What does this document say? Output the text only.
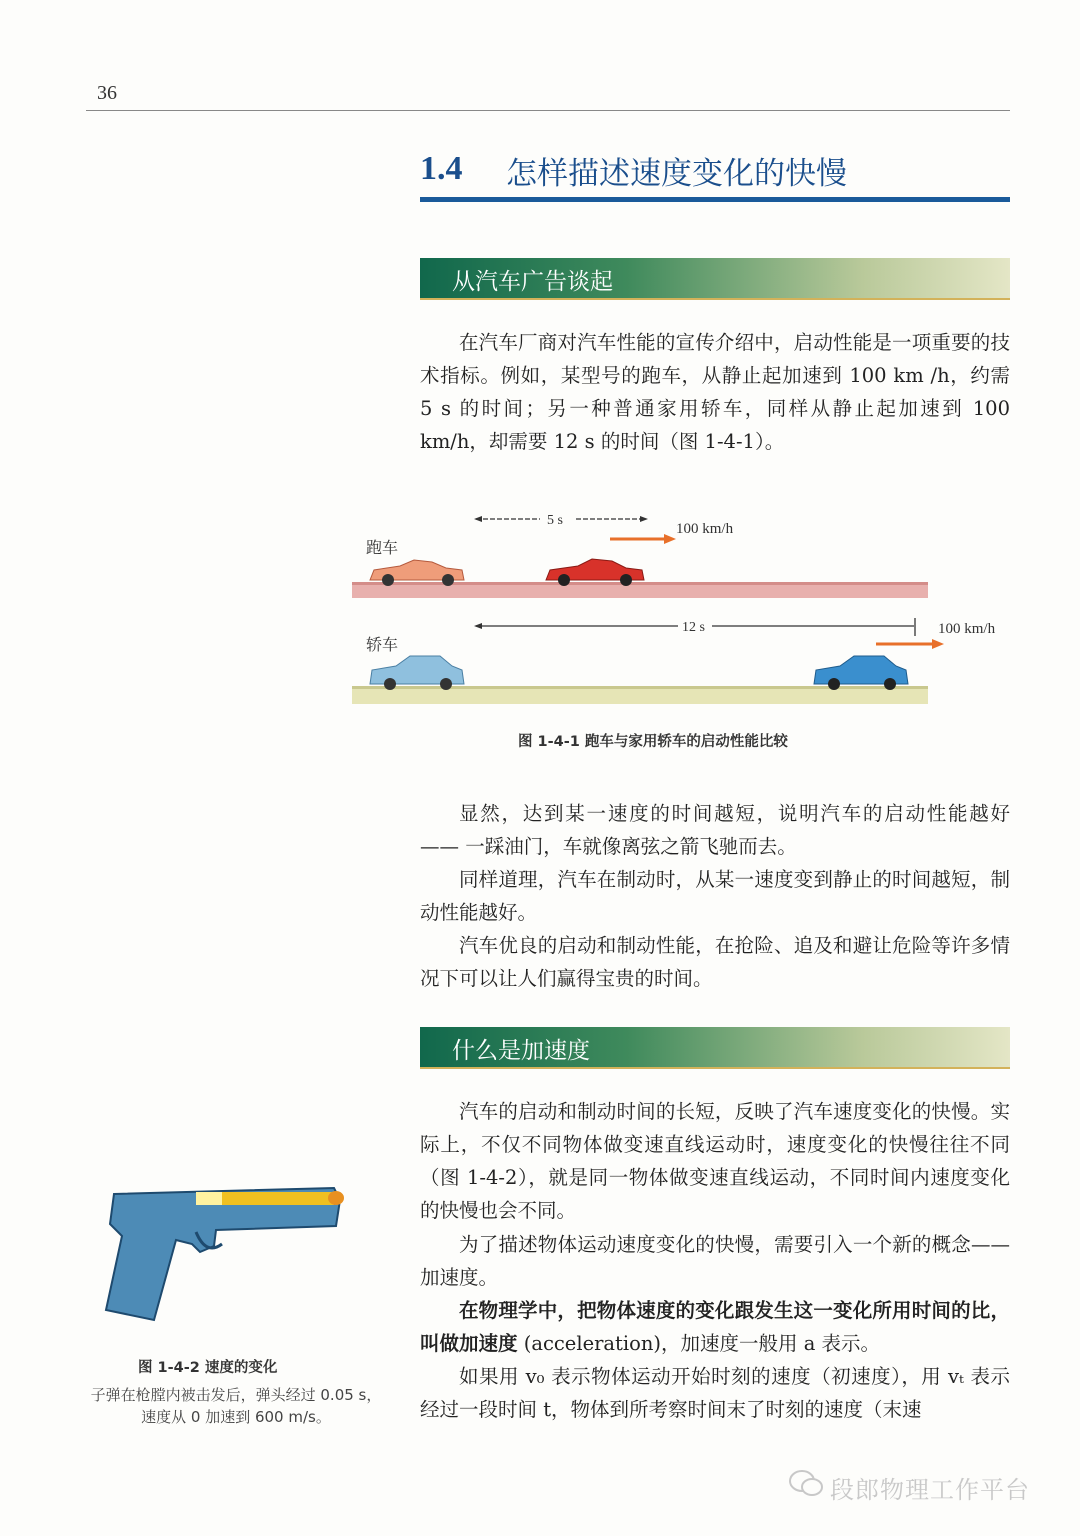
36
1.4 怎样描述速度变化的快慢
从汽车广告谈起

在汽车厂商对汽车性能的宣传介绍中，启动性能是一项重要的技术指标。例如，某型号的跑车，从静止起加速到 100 km /h，约需 5 s 的时间；另一种普通家用轿车，同样从静止起加速到 100 km/h，却需要 12 s 的时间（图 1-4-1）。

跑车
轿车
5 s
100 km/h
12 s	100 km/h
图 1-4-1 跑车与家用轿车的启动性能比较

显然，达到某一速度的时间越短，说明汽车的启动性能越好 —— 一踩油门，车就像离弦之箭飞驰而去。

同样道理，汽车在制动时，从某一速度变到静止的时间越短，制动性能越好。

汽车优良的启动和制动性能，在抢险、追及和避让危险等许多情况下可以让人们赢得宝贵的时间。

什么是加速度

汽车的启动和制动时间的长短，反映了汽车速度变化的快慢。实际上，不仅不同物体做变速直线运动时，速度变化的快慢往往不同（图 1-4-2），就是同一物体做变速直线运动，不同时间内速度变化的快慢也会不同。

为了描述物体运动速度变化的快慢，需要引入一个新的概念——加速度。

在物理学中，把物体速度的变化跟发生这一变化所用时间的比，叫做加速度 (acceleration)，加速度一般用 a 表示。

如果用 v₀ 表示物体运动开始时刻的速度（初速度），用 vₜ 表示经过一段时间 t，物体到所考察时间末了时刻的速度（末速

图 1-4-2 速度的变化
子弹在枪膛内被击发后，弹头经过 0.05 s，速度从 0 加速到 600 m/s。
段郎物理工作平台
